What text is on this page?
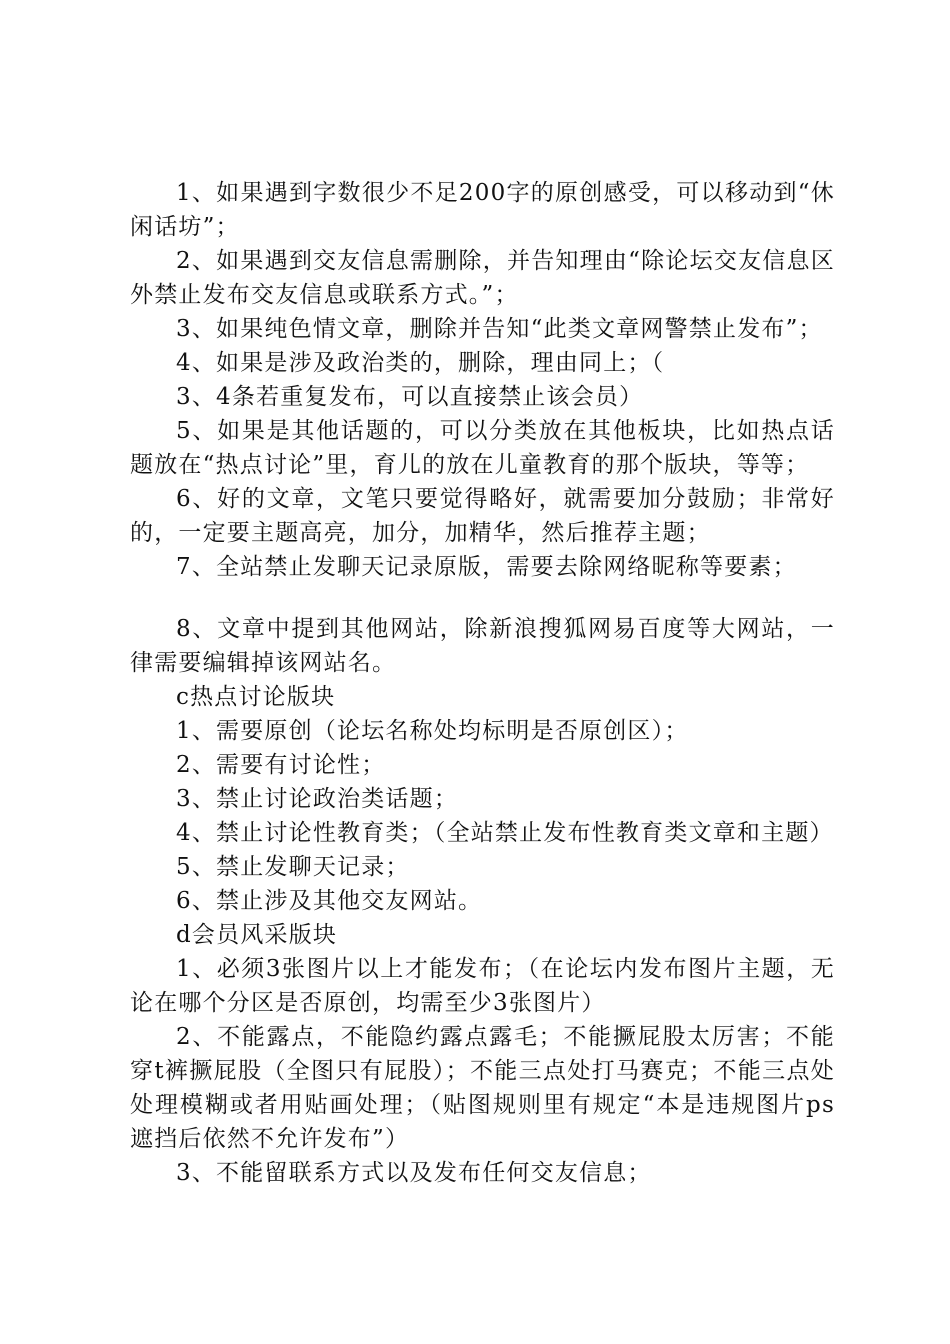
1、如果遇到字数很少不足200字的原创感受，可以移动到“休闲话坊”；

2、如果遇到交友信息需删除，并告知理由“除论坛交友信息区外禁止发布交友信息或联系方式。”；

3、如果纯色情文章，删除并告知“此类文章网警禁止发布”；

4、如果是涉及政治类的，删除，理由同上；（

3、4条若重复发布，可以直接禁止该会员）

5、如果是其他话题的，可以分类放在其他板块，比如热点话题放在“热点讨论”里，育儿的放在儿童教育的那个版块，等等；

6、好的文章，文笔只要觉得略好，就需要加分鼓励；非常好的，一定要主题高亮，加分，加精华，然后推荐主题；

7、全站禁止发聊天记录原版，需要去除网络昵称等要素；

8、文章中提到其他网站，除新浪搜狐网易百度等大网站，一律需要编辑掉该网站名。

c热点讨论版块

1、需要原创（论坛名称处均标明是否原创区）；

2、需要有讨论性；

3、禁止讨论政治类话题；

4、禁止讨论性教育类；（全站禁止发布性教育类文章和主题）

5、禁止发聊天记录；

6、禁止涉及其他交友网站。

d会员风采版块

1、必须3张图片以上才能发布；（在论坛内发布图片主题，无论在哪个分区是否原创，均需至少3张图片）

2、不能露点，不能隐约露点露毛；不能撅屁股太厉害；不能穿t裤撅屁股（全图只有屁股）；不能三点处打马赛克；不能三点处处理模糊或者用贴画处理；（贴图规则里有规定“本是违规图片ps遮挡后依然不允许发布”）

3、不能留联系方式以及发布任何交友信息；
